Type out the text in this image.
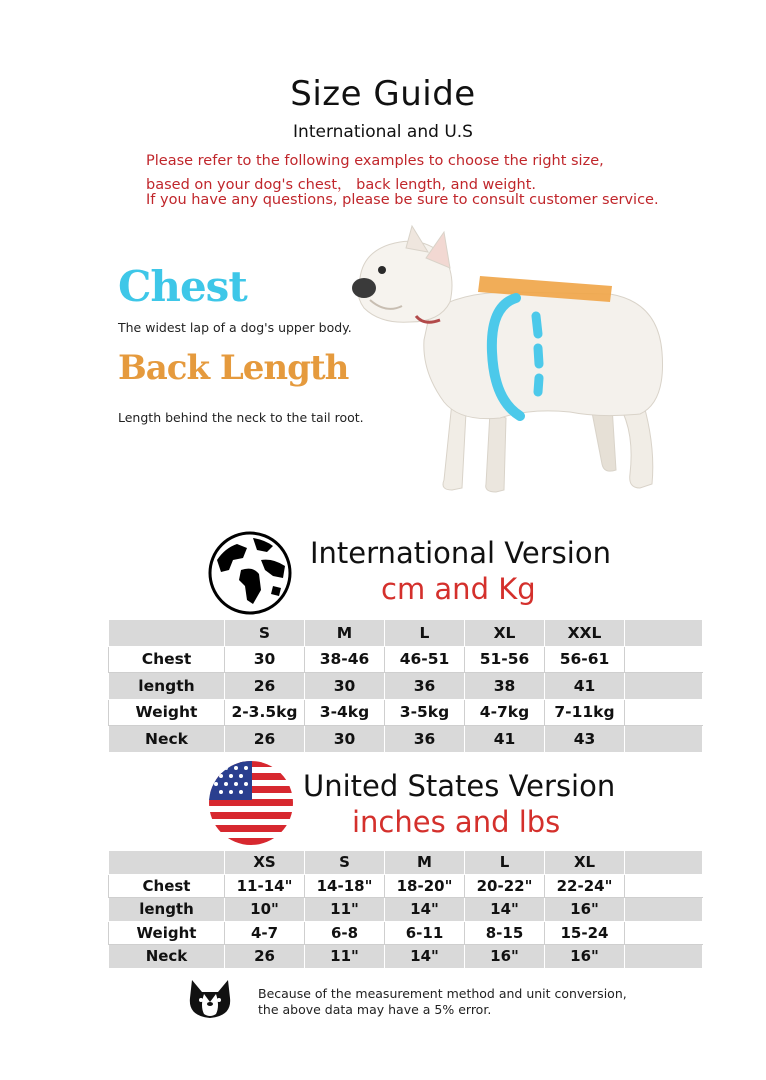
Size Guide
International and U.S
Please refer to the following examples to choose the right size,
based on your dog's chest， back length, and weight.
If you have any questions, please be sure to consult customer service.
Chest
The widest lap of a dog's upper body.
Back Length
Length behind the neck to the tail root.
International Version
cm and Kg
	S	M	L	XL	XXL	
Chest	30	38-46	46-51	51-56	56-61	
length	26	30	36	38	41	
Weight	2-3.5kg	3-4kg	3-5kg	4-7kg	7-11kg	
Neck	26	30	36	41	43	
United States Version
inches and lbs
	XS	S	M	L	XL	
Chest	11-14"	14-18"	18-20"	20-22"	22-24"	
length	10"	11"	14"	14"	16"	
Weight	4-7	6-8	6-11	8-15	15-24	
Neck	26	11"	14"	16"	16"	
Because of the measurement method and unit conversion,
the above data may have a 5% error.
